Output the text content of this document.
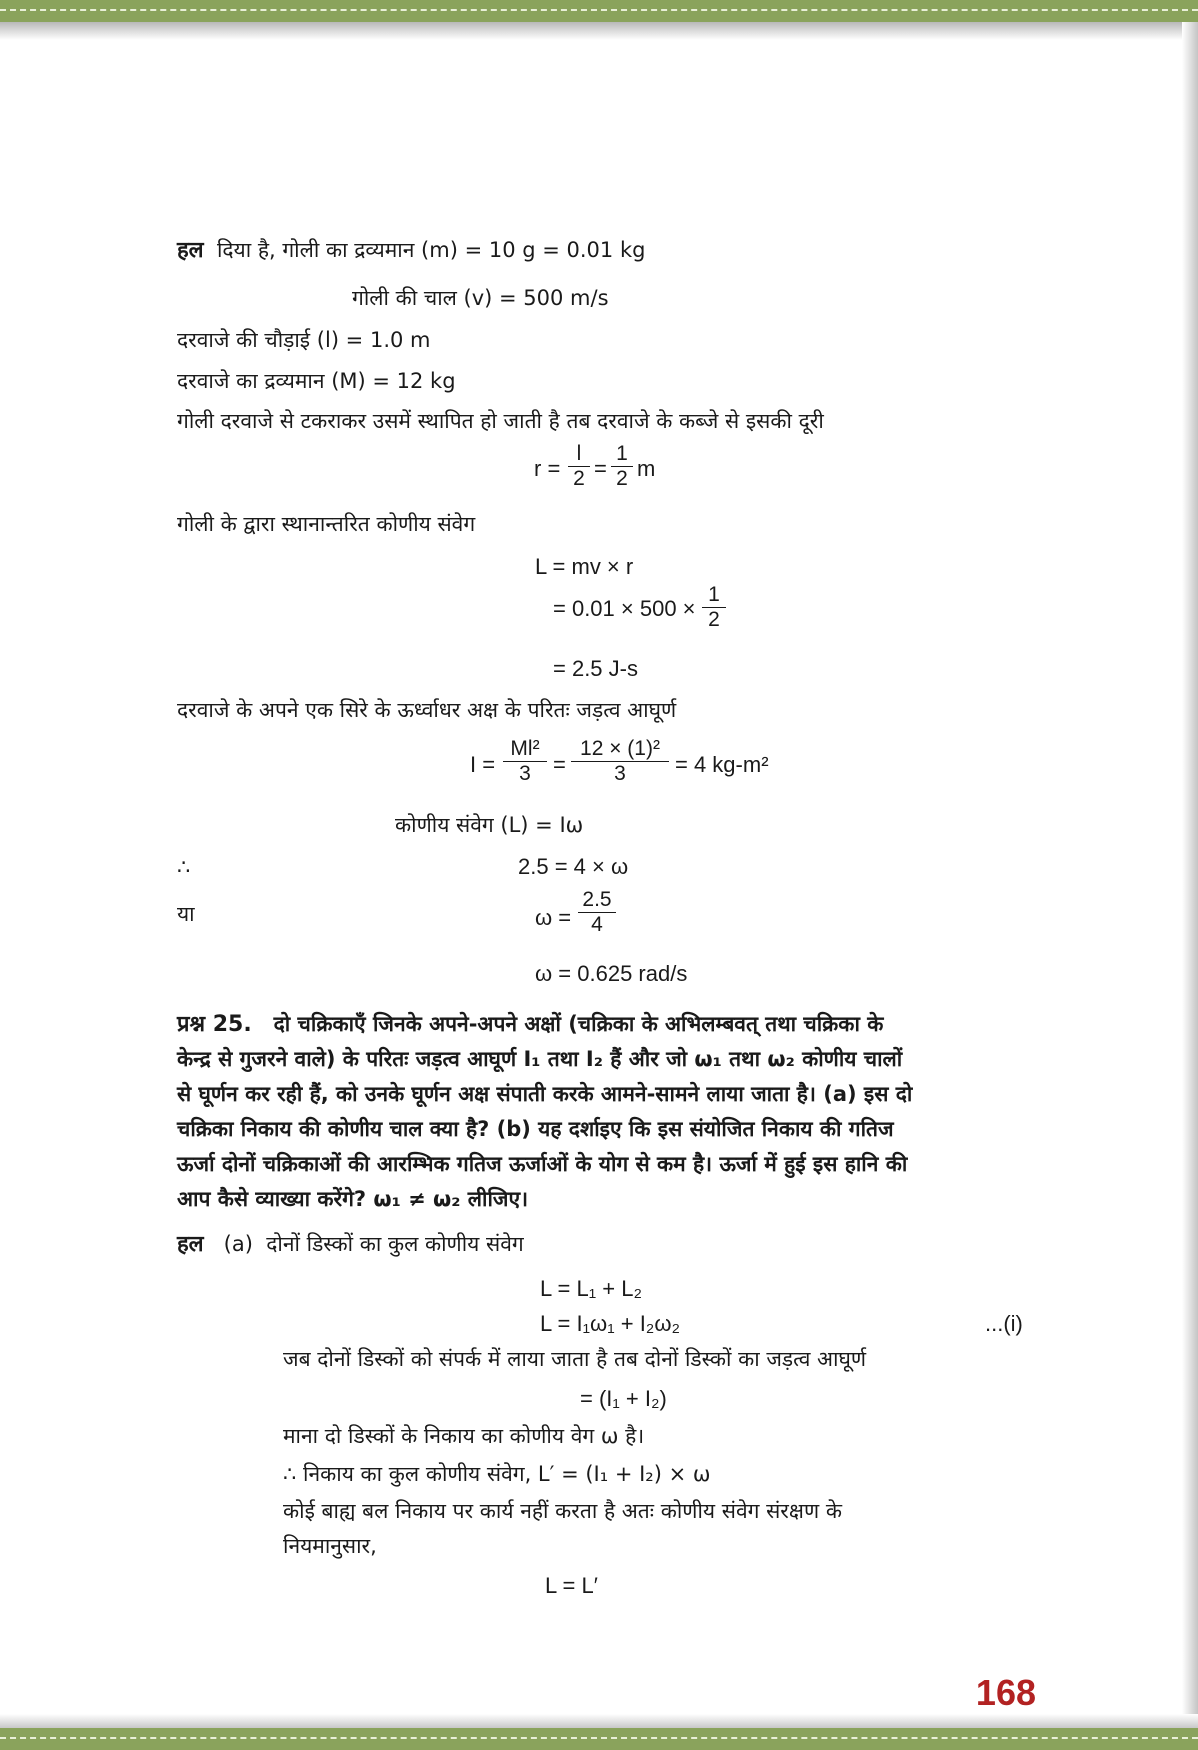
हल दिया है, गोली का द्रव्यमान (m) = 10 g = 0.01 kg
गोली की चाल (v) = 500 m/s
दरवाजे की चौड़ाई (l) = 1.0 m
दरवाजे का द्रव्यमान (M) = 12 kg
गोली दरवाजे से टकराकर उसमें स्थापित हो जाती है तब दरवाजे के कब्जे से इसकी दूरी
$r = \frac{l}{2} = \frac{1}{2}$ m
गोली के द्वारा स्थानान्तरित कोणीय संवेग
L = mv × r
= $0.01 \times 500 \times \frac{1}{2}$
= 2.5 J-s
दरवाजे के अपने एक सिरे के ऊर्ध्वाधर अक्ष के परितः जड़त्व आघूर्ण
$I = \frac{\text{Ml²}}{3} = \frac{\text{12 × (1)²}}{3} = 4$ kg-m²
कोणीय संवेग (L) = Iω
∴	2.5 = 4 × ω
या	$\omega = \frac{2.5}{4}$
ω = 0.625 rad/s
प्रश्न 25. दो चक्रिकाएँ जिनके अपने-अपने अक्षों (चक्रिका के अभिलम्बवत् तथा चक्रिका के
केन्द्र से गुजरने वाले) के परितः जड़त्व आघूर्ण I₁ तथा I₂ हैं और जो ω₁ तथा ω₂ कोणीय चालों
से घूर्णन कर रही हैं, को उनके घूर्णन अक्ष संपाती करके आमने-सामने लाया जाता है। (a) इस दो
चक्रिका निकाय की कोणीय चाल क्या है? (b) यह दर्शाइए कि इस संयोजित निकाय की गतिज
ऊर्जा दोनों चक्रिकाओं की आरम्भिक गतिज ऊर्जाओं के योग से कम है। ऊर्जा में हुई इस हानि की
आप कैसे व्याख्या करेंगे? ω₁ ≠ ω₂ लीजिए।
हल (a) दोनों डिस्कों का कुल कोणीय संवेग
L = L₁ + L₂
L = I₁ω₁ + I₂ω₂	...(i)
जब दोनों डिस्कों को संपर्क में लाया जाता है तब दोनों डिस्कों का जड़त्व आघूर्ण
= (I₁ + I₂)
माना दो डिस्कों के निकाय का कोणीय वेग ω है।
∴ निकाय का कुल कोणीय संवेग, L′ = (I₁ + I₂) × ω
कोई बाह्य बल निकाय पर कार्य नहीं करता है अतः कोणीय संवेग संरक्षण के
नियमानुसार,
L = L′
168
